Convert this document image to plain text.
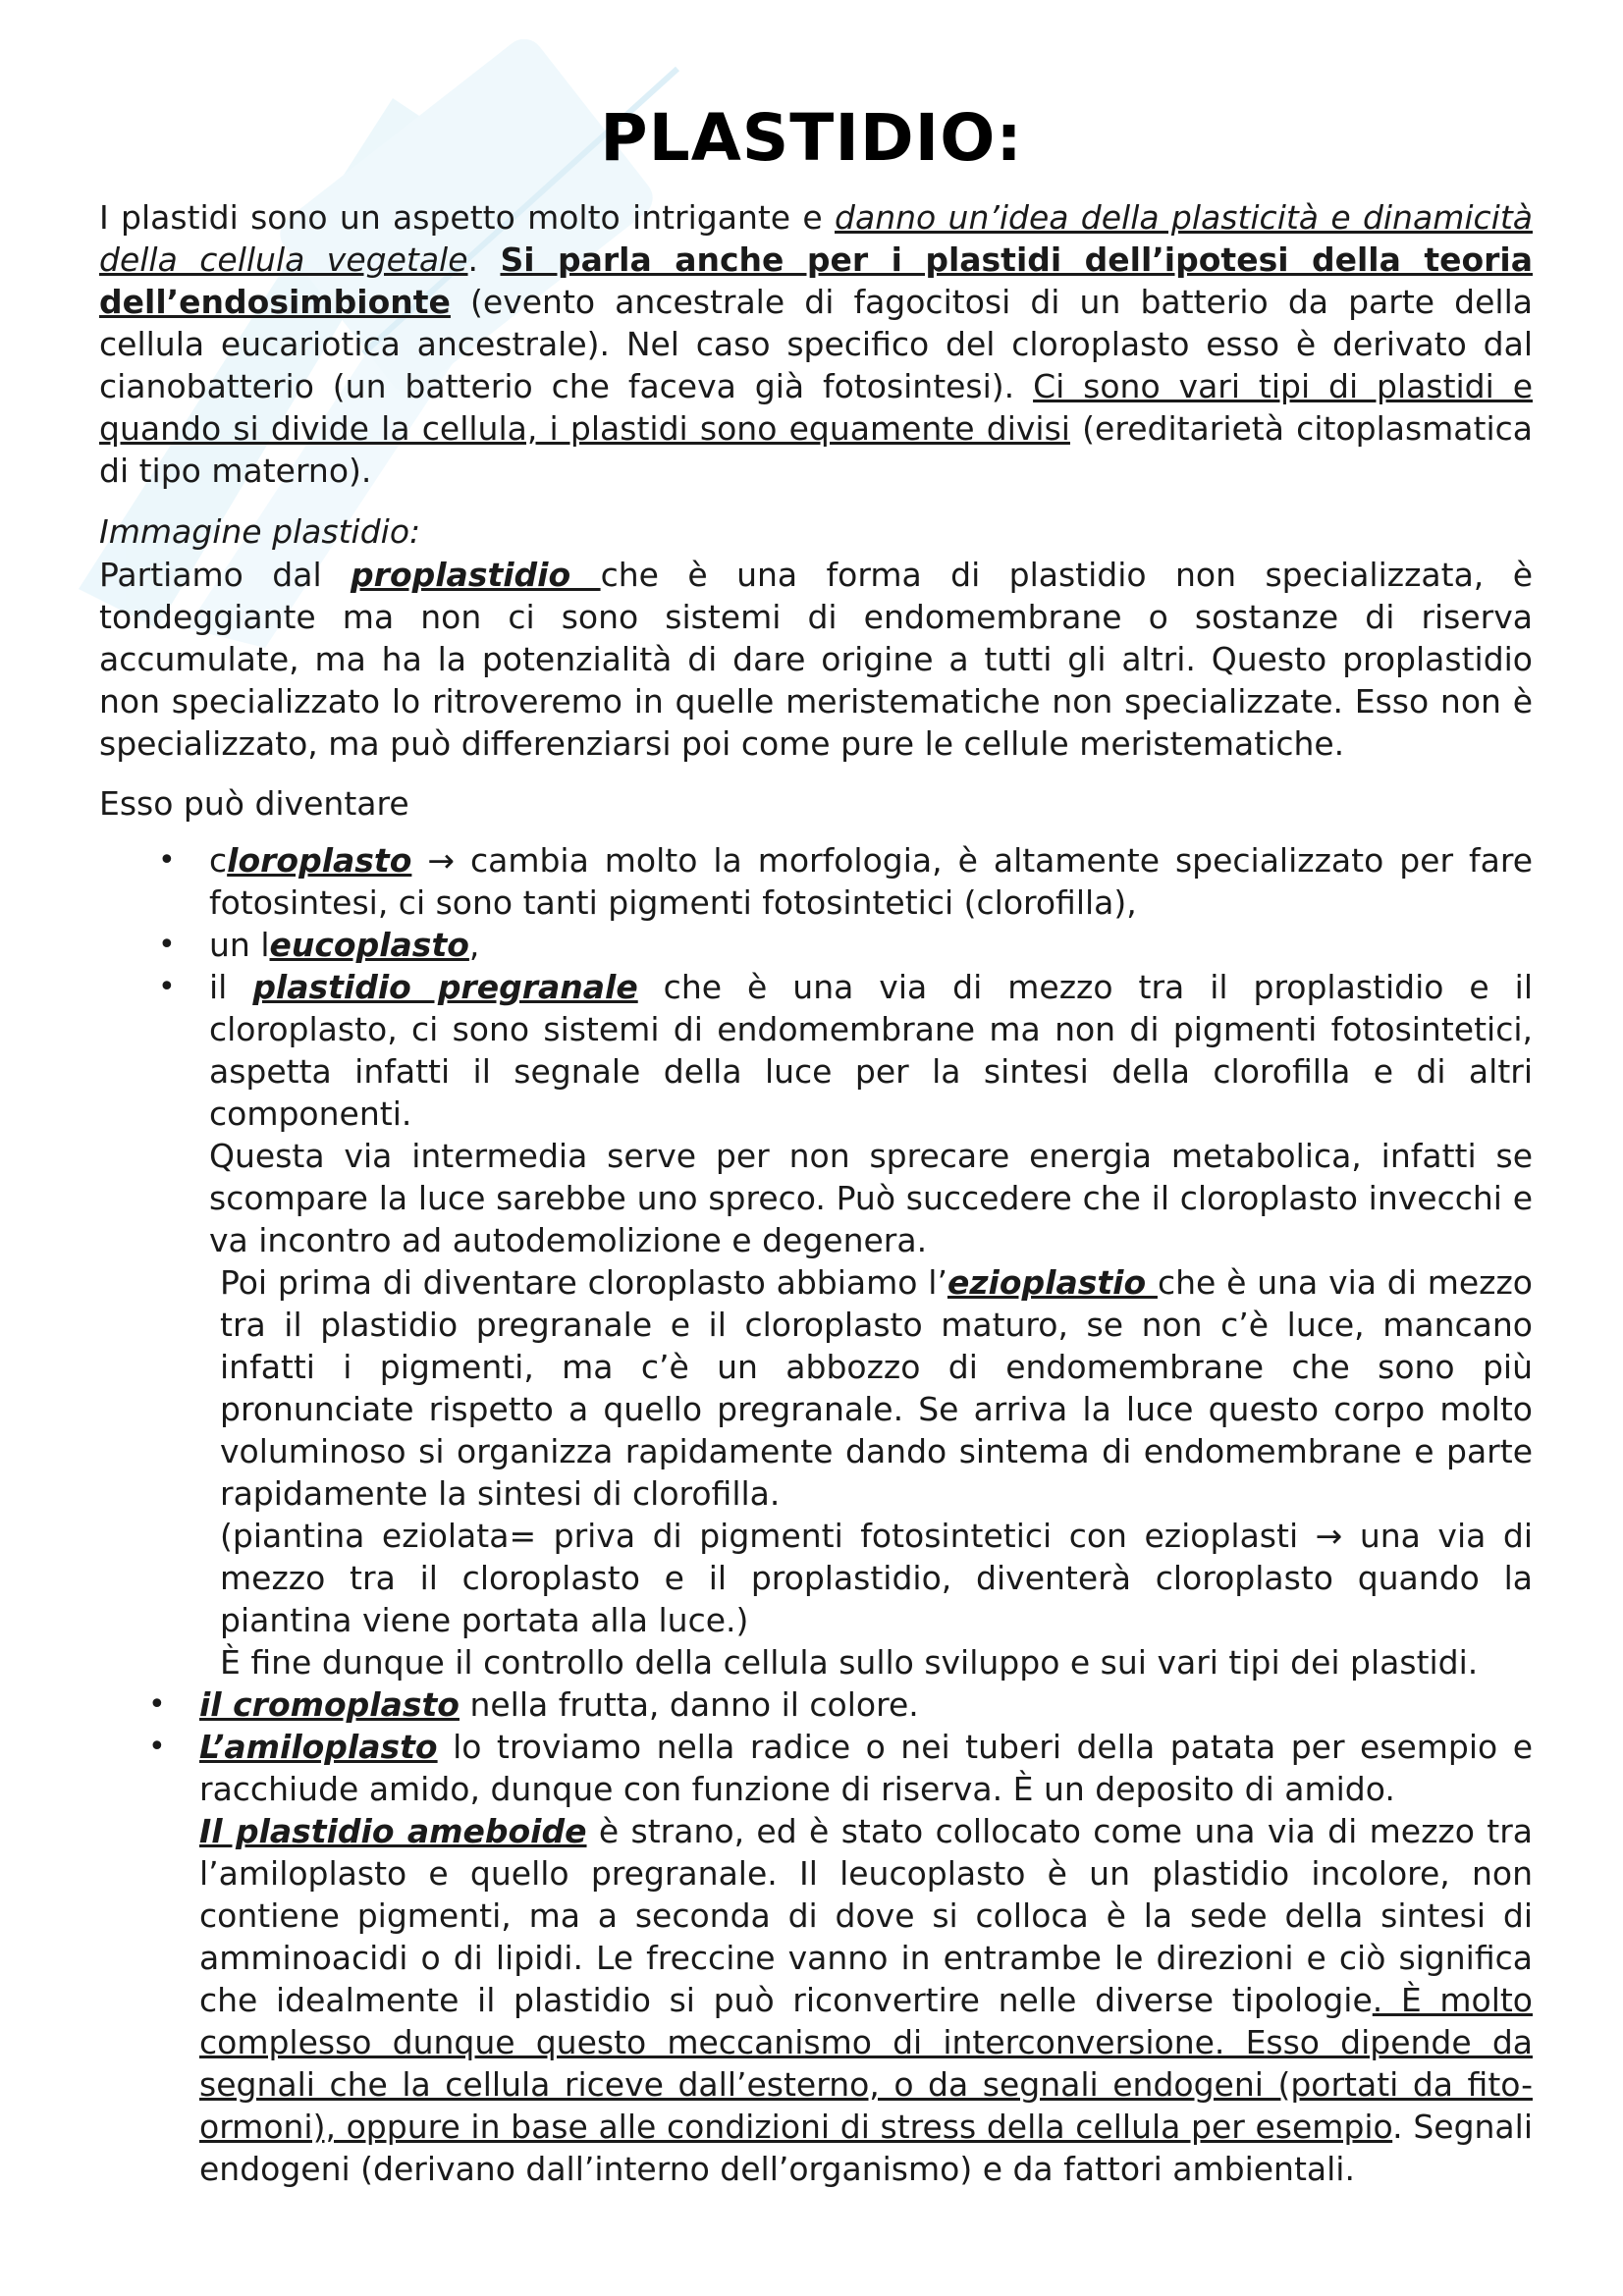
PLASTIDIO:

I plastidi sono un aspetto molto intrigante e danno un’idea della plasticità e dinamicità della cellula vegetale. Si parla anche per i plastidi dell’ipotesi della teoria dell’endosimbionte (evento ancestrale di fagocitosi di un batterio da parte della cellula eucariotica ancestrale). Nel caso specifico del cloroplasto esso è derivato dal cianobatterio (un batterio che faceva già fotosintesi). Ci sono vari tipi di plastidi e quando si divide la cellula, i plastidi sono equamente divisi (ereditarietà citoplasmatica di tipo materno).

Immagine plastidio:

Partiamo dal proplastidio che è una forma di plastidio non specializzata, è tondeggiante ma non ci sono sistemi di endomembrane o sostanze di riserva accumulate, ma ha la potenzialità di dare origine a tutti gli altri. Questo proplastidio non specializzato lo ritroveremo in quelle meristematiche non specializzate. Esso non è specializzato, ma può differenziarsi poi come pure le cellule meristematiche.

Esso può diventare

• cloroplasto → cambia molto la morfologia, è altamente specializzato per fare fotosintesi, ci sono tanti pigmenti fotosintetici (clorofilla),

• un leucoplasto,

• il plastidio pregranale che è una via di mezzo tra il proplastidio e il cloroplasto, ci sono sistemi di endomembrane ma non di pigmenti fotosintetici, aspetta infatti il segnale della luce per la sintesi della clorofilla e di altri componenti.

Questa via intermedia serve per non sprecare energia metabolica, infatti se scompare la luce sarebbe uno spreco. Può succedere che il cloroplasto invecchi e va incontro ad autodemolizione e degenera.

Poi prima di diventare cloroplasto abbiamo l’ezioplastio che è una via di mezzo tra il plastidio pregranale e il cloroplasto maturo, se non c’è luce, mancano infatti i pigmenti, ma c’è un abbozzo di endomembrane che sono più pronunciate rispetto a quello pregranale. Se arriva la luce questo corpo molto voluminoso si organizza rapidamente dando sintema di endomembrane e parte rapidamente la sintesi di clorofilla.

(piantina eziolata= priva di pigmenti fotosintetici con ezioplasti → una via di mezzo tra il cloroplasto e il proplastidio, diventerà cloroplasto quando la piantina viene portata alla luce.)

È fine dunque il controllo della cellula sullo sviluppo e sui vari tipi dei plastidi.

• il cromoplasto nella frutta, danno il colore.

• L’amiloplasto lo troviamo nella radice o nei tuberi della patata per esempio e racchiude amido, dunque con funzione di riserva. È un deposito di amido.

Il plastidio ameboide è strano, ed è stato collocato come una via di mezzo tra l’amiloplasto e quello pregranale. Il leucoplasto è un plastidio incolore, non contiene pigmenti, ma a seconda di dove si colloca è la sede della sintesi di amminoacidi o di lipidi. Le freccine vanno in entrambe le direzioni e ciò significa che idealmente il plastidio si può riconvertire nelle diverse tipologie. È molto complesso dunque questo meccanismo di interconversione. Esso dipende da segnali che la cellula riceve dall’esterno, o da segnali endogeni (portati da fito-ormoni), oppure in base alle condizioni di stress della cellula per esempio. Segnali endogeni (derivano dall’interno dell’organismo) e da fattori ambientali.
